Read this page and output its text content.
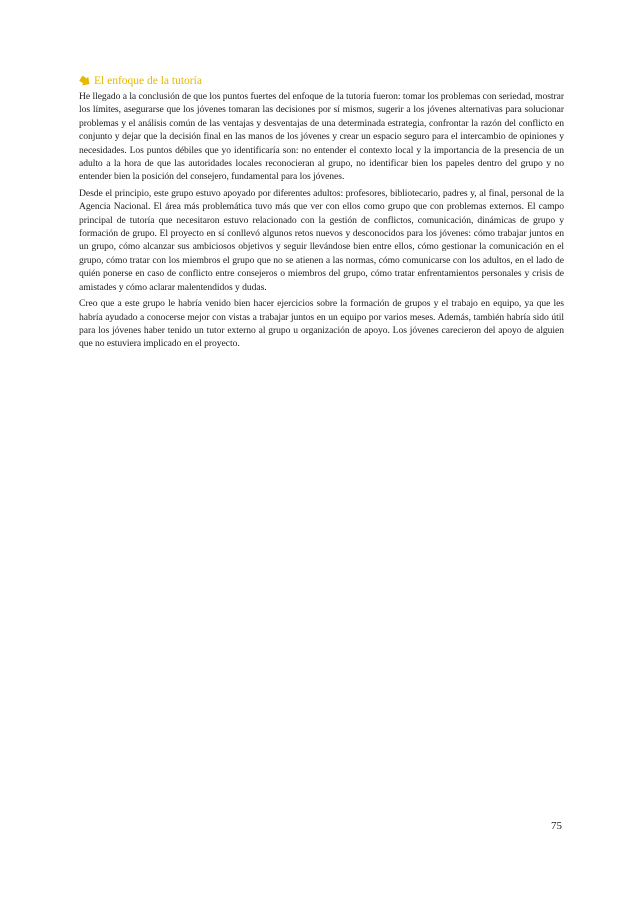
El enfoque de la tutoría

He llegado a la conclusión de que los puntos fuertes del enfoque de la tutoría fueron: tomar los problemas con seriedad, mostrar los límites, asegurarse que los jóvenes tomaran las decisiones por sí mismos, sugerir a los jóvenes alternativas para solucionar problemas y el análisis común de las ventajas y desventajas de una determinada estrategia, confrontar la razón del conflicto en conjunto y dejar que la decisión final en las manos de los jóvenes y crear un espacio seguro para el intercambio de opiniones y necesidades. Los puntos débiles que yo identificaría son: no entender el contexto local y la importancia de la presencia de un adulto a la hora de que las autoridades locales reconocieran al grupo, no identificar bien los papeles dentro del grupo y no entender bien la posición del consejero, fundamental para los jóvenes.

Desde el principio, este grupo estuvo apoyado por diferentes adultos: profesores, bibliotecario, padres y, al final, personal de la Agencia Nacional. El área más problemática tuvo más que ver con ellos como grupo que con problemas externos. El campo principal de tutoría que necesitaron estuvo relacionado con la gestión de conflictos, comunicación, dinámicas de grupo y formación de grupo. El proyecto en sí conllevó algunos retos nuevos y desconocidos para los jóvenes: cómo trabajar juntos en un grupo, cómo alcanzar sus ambiciosos objetivos y seguir llevándose bien entre ellos, cómo gestionar la comunicación en el grupo, cómo tratar con los miembros el grupo que no se atienen a las normas, cómo comunicarse con los adultos, en el lado de quién ponerse en caso de conflicto entre consejeros o miembros del grupo, cómo tratar enfrentamientos personales y crisis de amistades y cómo aclarar malentendidos y dudas.

Creo que a este grupo le habría venido bien hacer ejercicios sobre la formación de grupos y el trabajo en equipo, ya que les habría ayudado a conocerse mejor con vistas a trabajar juntos en un equipo por varios meses. Además, también habría sido útil para los jóvenes haber tenido un tutor externo al grupo u organización de apoyo. Los jóvenes carecieron del apoyo de alguien que no estuviera implicado en el proyecto.

75
